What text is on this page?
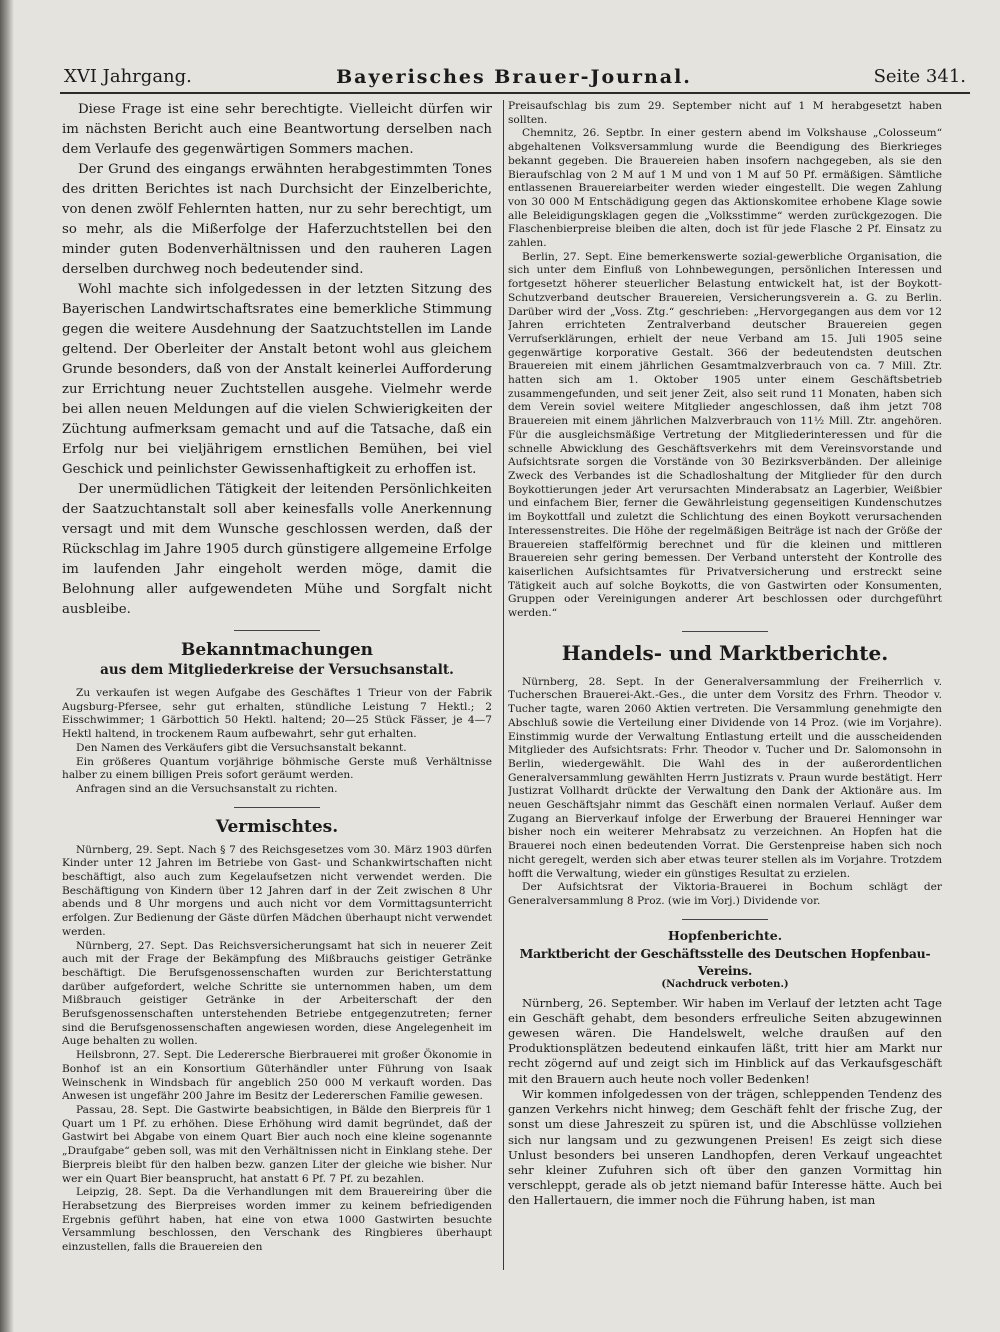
XVI Jahrgang.	Bayerisches Brauer-Journal.	Seite 341.

Diese Frage ist eine sehr berechtigte. Vielleicht dürfen wir im nächsten Bericht auch eine Beantwortung derselben nach dem Verlaufe des gegenwärtigen Sommers machen.

Der Grund des eingangs erwähnten herabgestimmten Tones des dritten Berichtes ist nach Durchsicht der Einzelberichte, von denen zwölf Fehlernten hatten, nur zu sehr berechtigt, um so mehr, als die Mißerfolge der Haferzuchtstellen bei den minder guten Bodenverhältnissen und den rauheren Lagen derselben durchweg noch bedeutender sind.

Wohl machte sich infolgedessen in der letzten Sitzung des Bayerischen Landwirtschaftsrates eine bemerkliche Stimmung gegen die weitere Ausdehnung der Saatzuchtstellen im Lande geltend. Der Oberleiter der Anstalt betont wohl aus gleichem Grunde besonders, daß von der Anstalt keinerlei Aufforderung zur Errichtung neuer Zuchtstellen ausgehe. Vielmehr werde bei allen neuen Meldungen auf die vielen Schwierigkeiten der Züchtung aufmerksam gemacht und auf die Tatsache, daß ein Erfolg nur bei vieljährigem ernstlichen Bemühen, bei viel Geschick und peinlichster Gewissenhaftigkeit zu erhoffen ist.

Der unermüdlichen Tätigkeit der leitenden Persönlichkeiten der Saatzuchtanstalt soll aber keinesfalls volle Anerkennung versagt und mit dem Wunsche geschlossen werden, daß der Rückschlag im Jahre 1905 durch günstigere allgemeine Erfolge im laufenden Jahr eingeholt werden möge, damit die Belohnung aller aufgewendeten Mühe und Sorgfalt nicht ausbleibe.

Bekanntmachungen
aus dem Mitgliederkreise der Versuchsanstalt.

Zu verkaufen ist wegen Aufgabe des Geschäftes 1 Trieur von der Fabrik Augsburg-Pfersee, sehr gut erhalten, stündliche Leistung 7 Hektl.; 2 Eisschwimmer; 1 Gärbottich 50 Hektl. haltend; 20—25 Stück Fässer, je 4—7 Hektl haltend, in trockenem Raum aufbewahrt, sehr gut erhalten.

Den Namen des Verkäufers gibt die Versuchsanstalt bekannt.

Ein größeres Quantum vorjährige böhmische Gerste muß Verhältnisse halber zu einem billigen Preis sofort geräumt werden.

Anfragen sind an die Versuchsanstalt zu richten.

Vermischtes.

Nürnberg, 29. Sept. Nach § 7 des Reichsgesetzes vom 30. März 1903 dürfen Kinder unter 12 Jahren im Betriebe von Gast- und Schankwirtschaften nicht beschäftigt, also auch zum Kegelaufsetzen nicht verwendet werden. Die Beschäftigung von Kindern über 12 Jahren darf in der Zeit zwischen 8 Uhr abends und 8 Uhr morgens und auch nicht vor dem Vormittagsunterricht erfolgen. Zur Bedienung der Gäste dürfen Mädchen überhaupt nicht verwendet werden.

Nürnberg, 27. Sept. Das Reichsversicherungsamt hat sich in neuerer Zeit auch mit der Frage der Bekämpfung des Mißbrauchs geistiger Getränke beschäftigt. Die Berufsgenossenschaften wurden zur Berichterstattung darüber aufgefordert, welche Schritte sie unternommen haben, um dem Mißbrauch geistiger Getränke in der Arbeiterschaft der den Berufsgenossenschaften unterstehenden Betriebe entgegenzutreten; ferner sind die Berufsgenossenschaften angewiesen worden, diese Angelegenheit im Auge behalten zu wollen.

Heilsbronn, 27. Sept. Die Lederersche Bierbrauerei mit großer Ökonomie in Bonhof ist an ein Konsortium Güterhändler unter Führung von Isaak Weinschenk in Windsbach für angeblich 250 000 M verkauft worden. Das Anwesen ist ungefähr 200 Jahre im Besitz der Ledererschen Familie gewesen.

Passau, 28. Sept. Die Gastwirte beabsichtigen, in Bälde den Bierpreis für 1 Quart um 1 Pf. zu erhöhen. Diese Erhöhung wird damit begründet, daß der Gastwirt bei Abgabe von einem Quart Bier auch noch eine kleine sogenannte „Draufgabe“ geben soll, was mit den Verhältnissen nicht in Einklang stehe. Der Bierpreis bleibt für den halben bezw. ganzen Liter der gleiche wie bisher. Nur wer ein Quart Bier beansprucht, hat anstatt 6 Pf. 7 Pf. zu bezahlen.

Leipzig, 28. Sept. Da die Verhandlungen mit dem Brauereiring über die Herabsetzung des Bierpreises worden immer zu keinem befriedigenden Ergebnis geführt haben, hat eine von etwa 1000 Gastwirten besuchte Versammlung beschlossen, den Verschank des Ringbieres überhaupt einzustellen, falls die Brauereien den

Preisaufschlag bis zum 29. September nicht auf 1 M herabgesetzt haben sollten.

Chemnitz, 26. Septbr. In einer gestern abend im Volkshause „Colosseum“ abgehaltenen Volksversammlung wurde die Beendigung des Bierkrieges bekannt gegeben. Die Brauereien haben insofern nachgegeben, als sie den Bieraufschlag von 2 M auf 1 M und von 1 M auf 50 Pf. ermäßigen. Sämtliche entlassenen Brauereiarbeiter werden wieder eingestellt. Die wegen Zahlung von 30 000 M Entschädigung gegen das Aktionskomitee erhobene Klage sowie alle Beleidigungsklagen gegen die „Volksstimme“ werden zurückgezogen. Die Flaschenbierpreise bleiben die alten, doch ist für jede Flasche 2 Pf. Einsatz zu zahlen.

Berlin, 27. Sept. Eine bemerkenswerte sozial-gewerbliche Organisation, die sich unter dem Einfluß von Lohnbewegungen, persönlichen Interessen und fortgesetzt höherer steuerlicher Belastung entwickelt hat, ist der Boykott-Schutzverband deutscher Brauereien, Versicherungsverein a. G. zu Berlin. Darüber wird der „Voss. Ztg.“ geschrieben: „Hervorgegangen aus dem vor 12 Jahren errichteten Zentralverband deutscher Brauereien gegen Verrufserklärungen, erhielt der neue Verband am 15. Juli 1905 seine gegenwärtige korporative Gestalt. 366 der bedeutendsten deutschen Brauereien mit einem jährlichen Gesamtmalzverbrauch von ca. 7 Mill. Ztr. hatten sich am 1. Oktober 1905 unter einem Geschäftsbetrieb zusammengefunden, und seit jener Zeit, also seit rund 11 Monaten, haben sich dem Verein soviel weitere Mitglieder angeschlossen, daß ihm jetzt 708 Brauereien mit einem jährlichen Malzverbrauch von 11½ Mill. Ztr. angehören. Für die ausgleichsmäßige Vertretung der Mitgliederinteressen und für die schnelle Abwicklung des Geschäftsverkehrs mit dem Vereinsvorstande und Aufsichtsrate sorgen die Vorstände von 30 Bezirksverbänden. Der alleinige Zweck des Verbandes ist die Schadloshaltung der Mitglieder für den durch Boykottierungen jeder Art verursachten Minderabsatz an Lagerbier, Weißbier und einfachem Bier, ferner die Gewährleistung gegenseitigen Kundenschutzes im Boykottfall und zuletzt die Schlichtung des einen Boykott verursachenden Interessenstreites. Die Höhe der regelmäßigen Beiträge ist nach der Größe der Brauereien staffelförmig berechnet und für die kleinen und mittleren Brauereien sehr gering bemessen. Der Verband untersteht der Kontrolle des kaiserlichen Aufsichtsamtes für Privatversicherung und erstreckt seine Tätigkeit auch auf solche Boykotts, die von Gastwirten oder Konsumenten, Gruppen oder Vereinigungen anderer Art beschlossen oder durchgeführt werden.“

Handels- und Marktberichte.

Nürnberg, 28. Sept. In der Generalversammlung der Freiherrlich v. Tucherschen Brauerei-Akt.-Ges., die unter dem Vorsitz des Frhrn. Theodor v. Tucher tagte, waren 2060 Aktien vertreten. Die Versammlung genehmigte den Abschluß sowie die Verteilung einer Dividende von 14 Proz. (wie im Vorjahre). Einstimmig wurde der Verwaltung Entlastung erteilt und die ausscheidenden Mitglieder des Aufsichtsrats: Frhr. Theodor v. Tucher und Dr. Salomonsohn in Berlin, wiedergewählt. Die Wahl des in der außerordentlichen Generalversammlung gewählten Herrn Justizrats v. Praun wurde bestätigt. Herr Justizrat Vollhardt drückte der Verwaltung den Dank der Aktionäre aus. Im neuen Geschäftsjahr nimmt das Geschäft einen normalen Verlauf. Außer dem Zugang an Bierverkauf infolge der Erwerbung der Brauerei Henninger war bisher noch ein weiterer Mehrabsatz zu verzeichnen. An Hopfen hat die Brauerei noch einen bedeutenden Vorrat. Die Gerstenpreise haben sich noch nicht geregelt, werden sich aber etwas teurer stellen als im Vorjahre. Trotzdem hofft die Verwaltung, wieder ein günstiges Resultat zu erzielen.

Der Aufsichtsrat der Viktoria-Brauerei in Bochum schlägt der Generalversammlung 8 Proz. (wie im Vorj.) Dividende vor.

Hopfenberichte.
Marktbericht der Geschäftsstelle des Deutschen Hopfenbau-Vereins.
(Nachdruck verboten.)

Nürnberg, 26. September. Wir haben im Verlauf der letzten acht Tage ein Geschäft gehabt, dem besonders erfreuliche Seiten abzugewinnen gewesen wären. Die Handelswelt, welche draußen auf den Produktionsplätzen bedeutend einkaufen läßt, tritt hier am Markt nur recht zögernd auf und zeigt sich im Hinblick auf das Verkaufsgeschäft mit den Brauern auch heute noch voller Bedenken!

Wir kommen infolgedessen von der trägen, schleppenden Tendenz des ganzen Verkehrs nicht hinweg; dem Geschäft fehlt der frische Zug, der sonst um diese Jahreszeit zu spüren ist, und die Abschlüsse vollziehen sich nur langsam und zu gezwungenen Preisen! Es zeigt sich diese Unlust besonders bei unseren Landhopfen, deren Verkauf ungeachtet sehr kleiner Zufuhren sich oft über den ganzen Vormittag hin verschleppt, gerade als ob jetzt niemand bafür Interesse hätte. Auch bei den Hallertauern, die immer noch die Führung haben, ist man
